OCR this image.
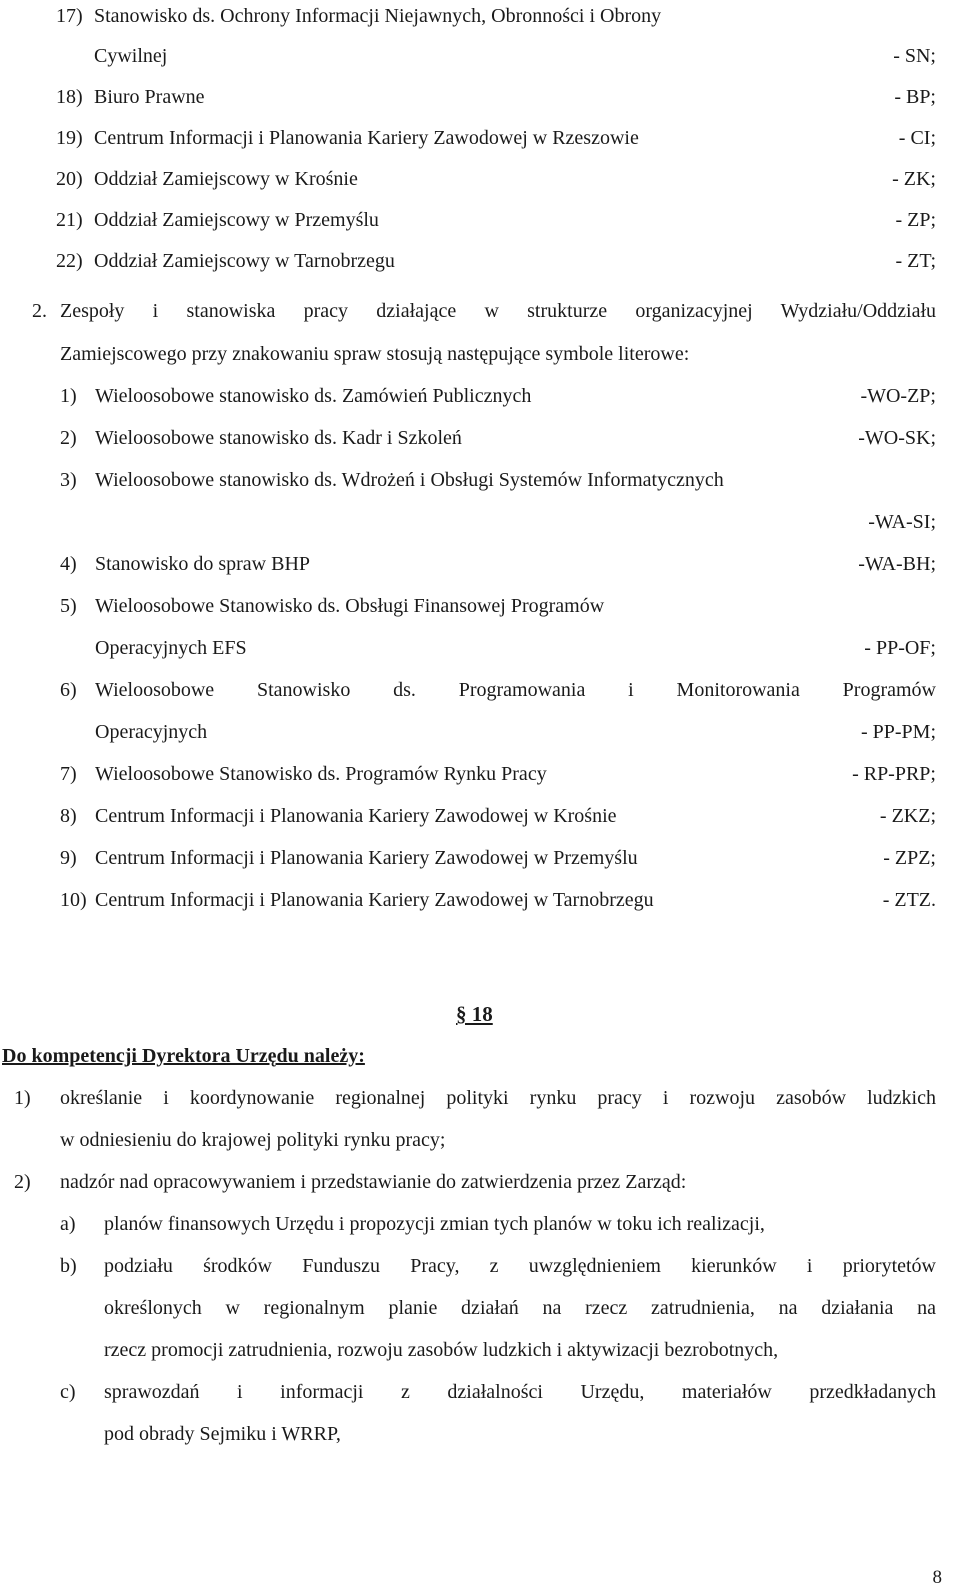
17) Stanowisko ds. Ochrony Informacji Niejawnych, Obronności i Obrony
Cywilnej	- SN;
18) Biuro Prawne	- BP;
19) Centrum Informacji i Planowania Kariery Zawodowej w Rzeszowie	- CI;
20) Oddział Zamiejscowy w Krośnie	- ZK;
21) Oddział Zamiejscowy w Przemyślu	- ZP;
22) Oddział Zamiejscowy w Tarnobrzegu	- ZT;
2. Zespoły i stanowiska pracy działające w strukturze organizacyjnej Wydziału/Oddziału
Zamiejscowego przy znakowaniu spraw stosują następujące symbole literowe:
1) Wieloosobowe stanowisko ds. Zamówień Publicznych	-WO-ZP;
2) Wieloosobowe stanowisko ds. Kadr i Szkoleń	-WO-SK;
3) Wieloosobowe stanowisko ds. Wdrożeń i Obsługi Systemów Informatycznych
-WA-SI;
4) Stanowisko do spraw BHP	-WA-BH;
5) Wieloosobowe Stanowisko ds. Obsługi Finansowej Programów
Operacyjnych EFS	- PP-OF;
6) Wieloosobowe Stanowisko ds. Programowania i Monitorowania Programów
Operacyjnych	- PP-PM;
7) Wieloosobowe Stanowisko ds. Programów Rynku Pracy	- RP-PRP;
8) Centrum Informacji i Planowania Kariery Zawodowej w Krośnie	- ZKZ;
9) Centrum Informacji i Planowania Kariery Zawodowej w Przemyślu	- ZPZ;
10) Centrum Informacji i Planowania Kariery Zawodowej w Tarnobrzegu	- ZTZ.
§ 18
Do kompetencji Dyrektora Urzędu należy:
1) określanie i koordynowanie regionalnej polityki rynku pracy i rozwoju zasobów ludzkich
w odniesieniu do krajowej polityki rynku pracy;
2) nadzór nad opracowywaniem i przedstawianie do zatwierdzenia przez Zarząd:
a) planów finansowych Urzędu i propozycji zmian tych planów w toku ich realizacji,
b) podziału środków Funduszu Pracy, z uwzględnieniem kierunków i priorytetów
określonych w regionalnym planie działań na rzecz zatrudnienia, na działania na
rzecz promocji zatrudnienia, rozwoju zasobów ludzkich i aktywizacji bezrobotnych,
c) sprawozdań i informacji z działalności Urzędu, materiałów przedkładanych
pod obrady Sejmiku i WRRP,
8
